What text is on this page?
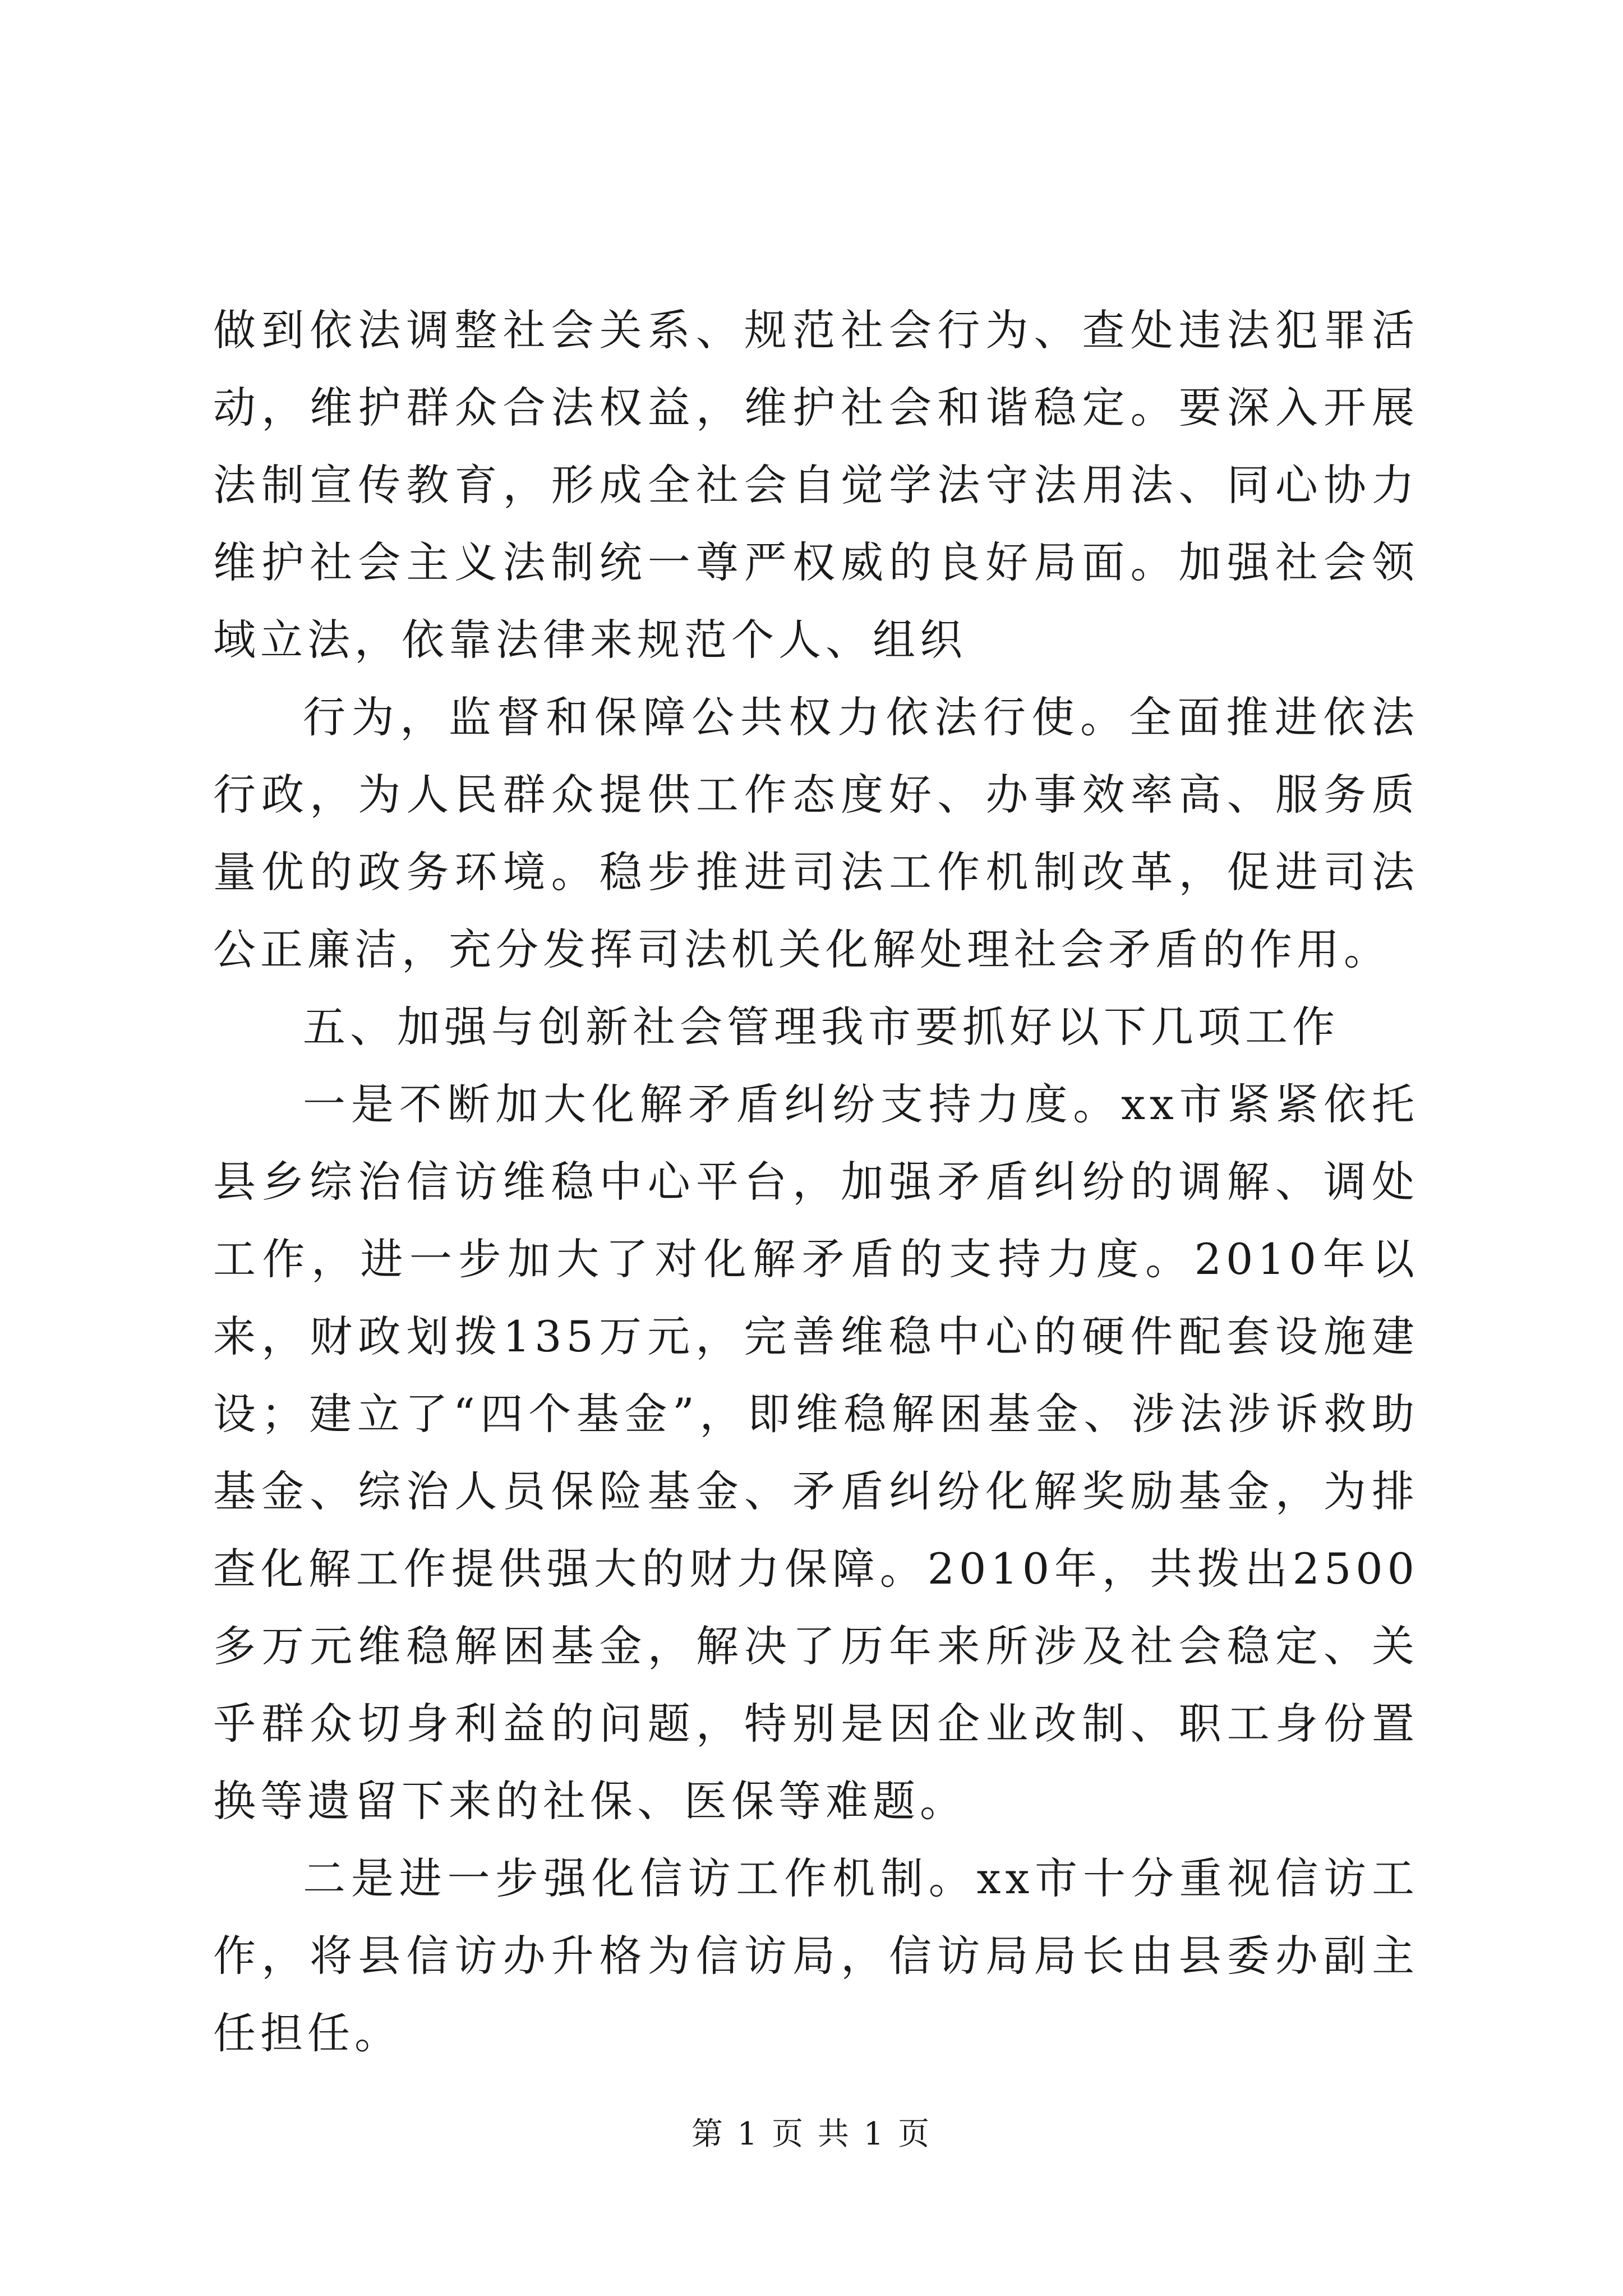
做到依法调整社会关系、规范社会行为、查处违法犯罪活动，维护群众合法权益，维护社会和谐稳定。要深入开展法制宣传教育，形成全社会自觉学法守法用法、同心协力维护社会主义法制统一尊严权威的良好局面。加强社会领域立法，依靠法律来规范个人、组织

行为，监督和保障公共权力依法行使。全面推进依法行政，为人民群众提供工作态度好、办事效率高、服务质量优的政务环境。稳步推进司法工作机制改革，促进司法公正廉洁，充分发挥司法机关化解处理社会矛盾的作用。

五、加强与创新社会管理我市要抓好以下几项工作

一是不断加大化解矛盾纠纷支持力度。xx市紧紧依托县乡综治信访维稳中心平台，加强矛盾纠纷的调解、调处工作，进一步加大了对化解矛盾的支持力度。2010年以来，财政划拨135万元，完善维稳中心的硬件配套设施建设；建立了“四个基金”，即维稳解困基金、涉法涉诉救助基金、综治人员保险基金、矛盾纠纷化解奖励基金，为排查化解工作提供强大的财力保障。2010年，共拨出2500多万元维稳解困基金，解决了历年来所涉及社会稳定、关乎群众切身利益的问题，特别是因企业改制、职工身份置换等遗留下来的社保、医保等难题。

二是进一步强化信访工作机制。xx市十分重视信访工作，将县信访办升格为信访局，信访局局长由县委办副主任担任。

第 1 页 共 1 页
